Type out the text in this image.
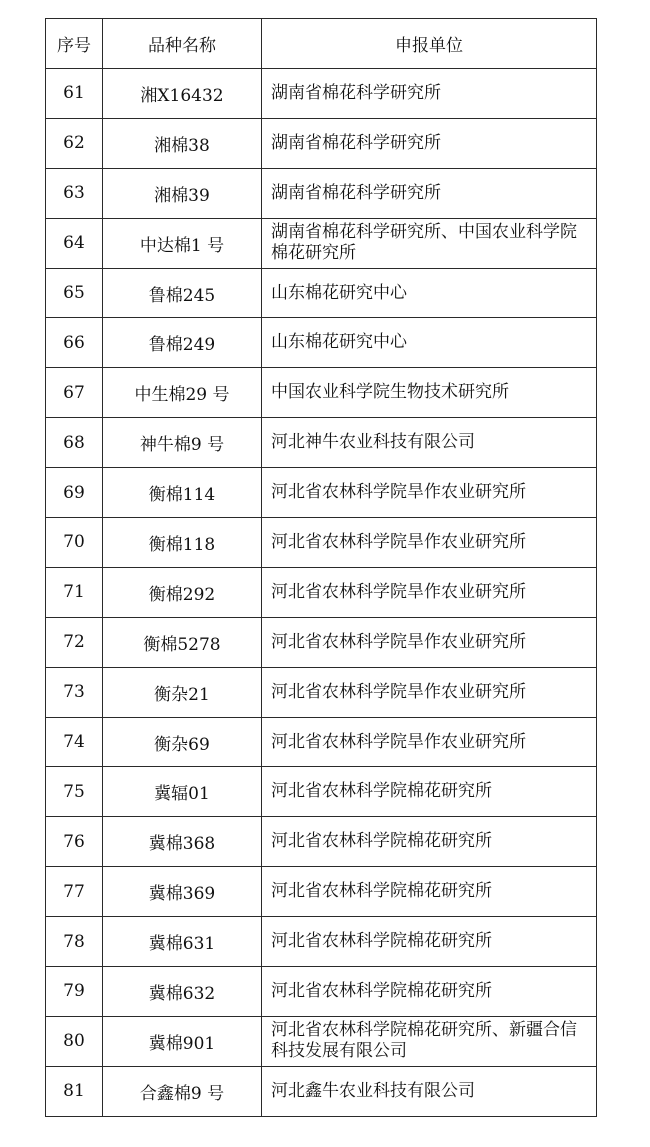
序号	品种名称	申报单位
61	湘X16432	湖南省棉花科学研究所
62	湘棉38	湖南省棉花科学研究所
63	湘棉39	湖南省棉花科学研究所
64	中达棉1 号	湖南省棉花科学研究所、中国农业科学院棉花研究所
65	鲁棉245	山东棉花研究中心
66	鲁棉249	山东棉花研究中心
67	中生棉29 号	中国农业科学院生物技术研究所
68	神牛棉9 号	河北神牛农业科技有限公司
69	衡棉114	河北省农林科学院旱作农业研究所
70	衡棉118	河北省农林科学院旱作农业研究所
71	衡棉292	河北省农林科学院旱作农业研究所
72	衡棉5278	河北省农林科学院旱作农业研究所
73	衡杂21	河北省农林科学院旱作农业研究所
74	衡杂69	河北省农林科学院旱作农业研究所
75	冀辐01	河北省农林科学院棉花研究所
76	冀棉368	河北省农林科学院棉花研究所
77	冀棉369	河北省农林科学院棉花研究所
78	冀棉631	河北省农林科学院棉花研究所
79	冀棉632	河北省农林科学院棉花研究所
80	冀棉901	河北省农林科学院棉花研究所、新疆合信科技发展有限公司
81	合鑫棉9 号	河北鑫牛农业科技有限公司
